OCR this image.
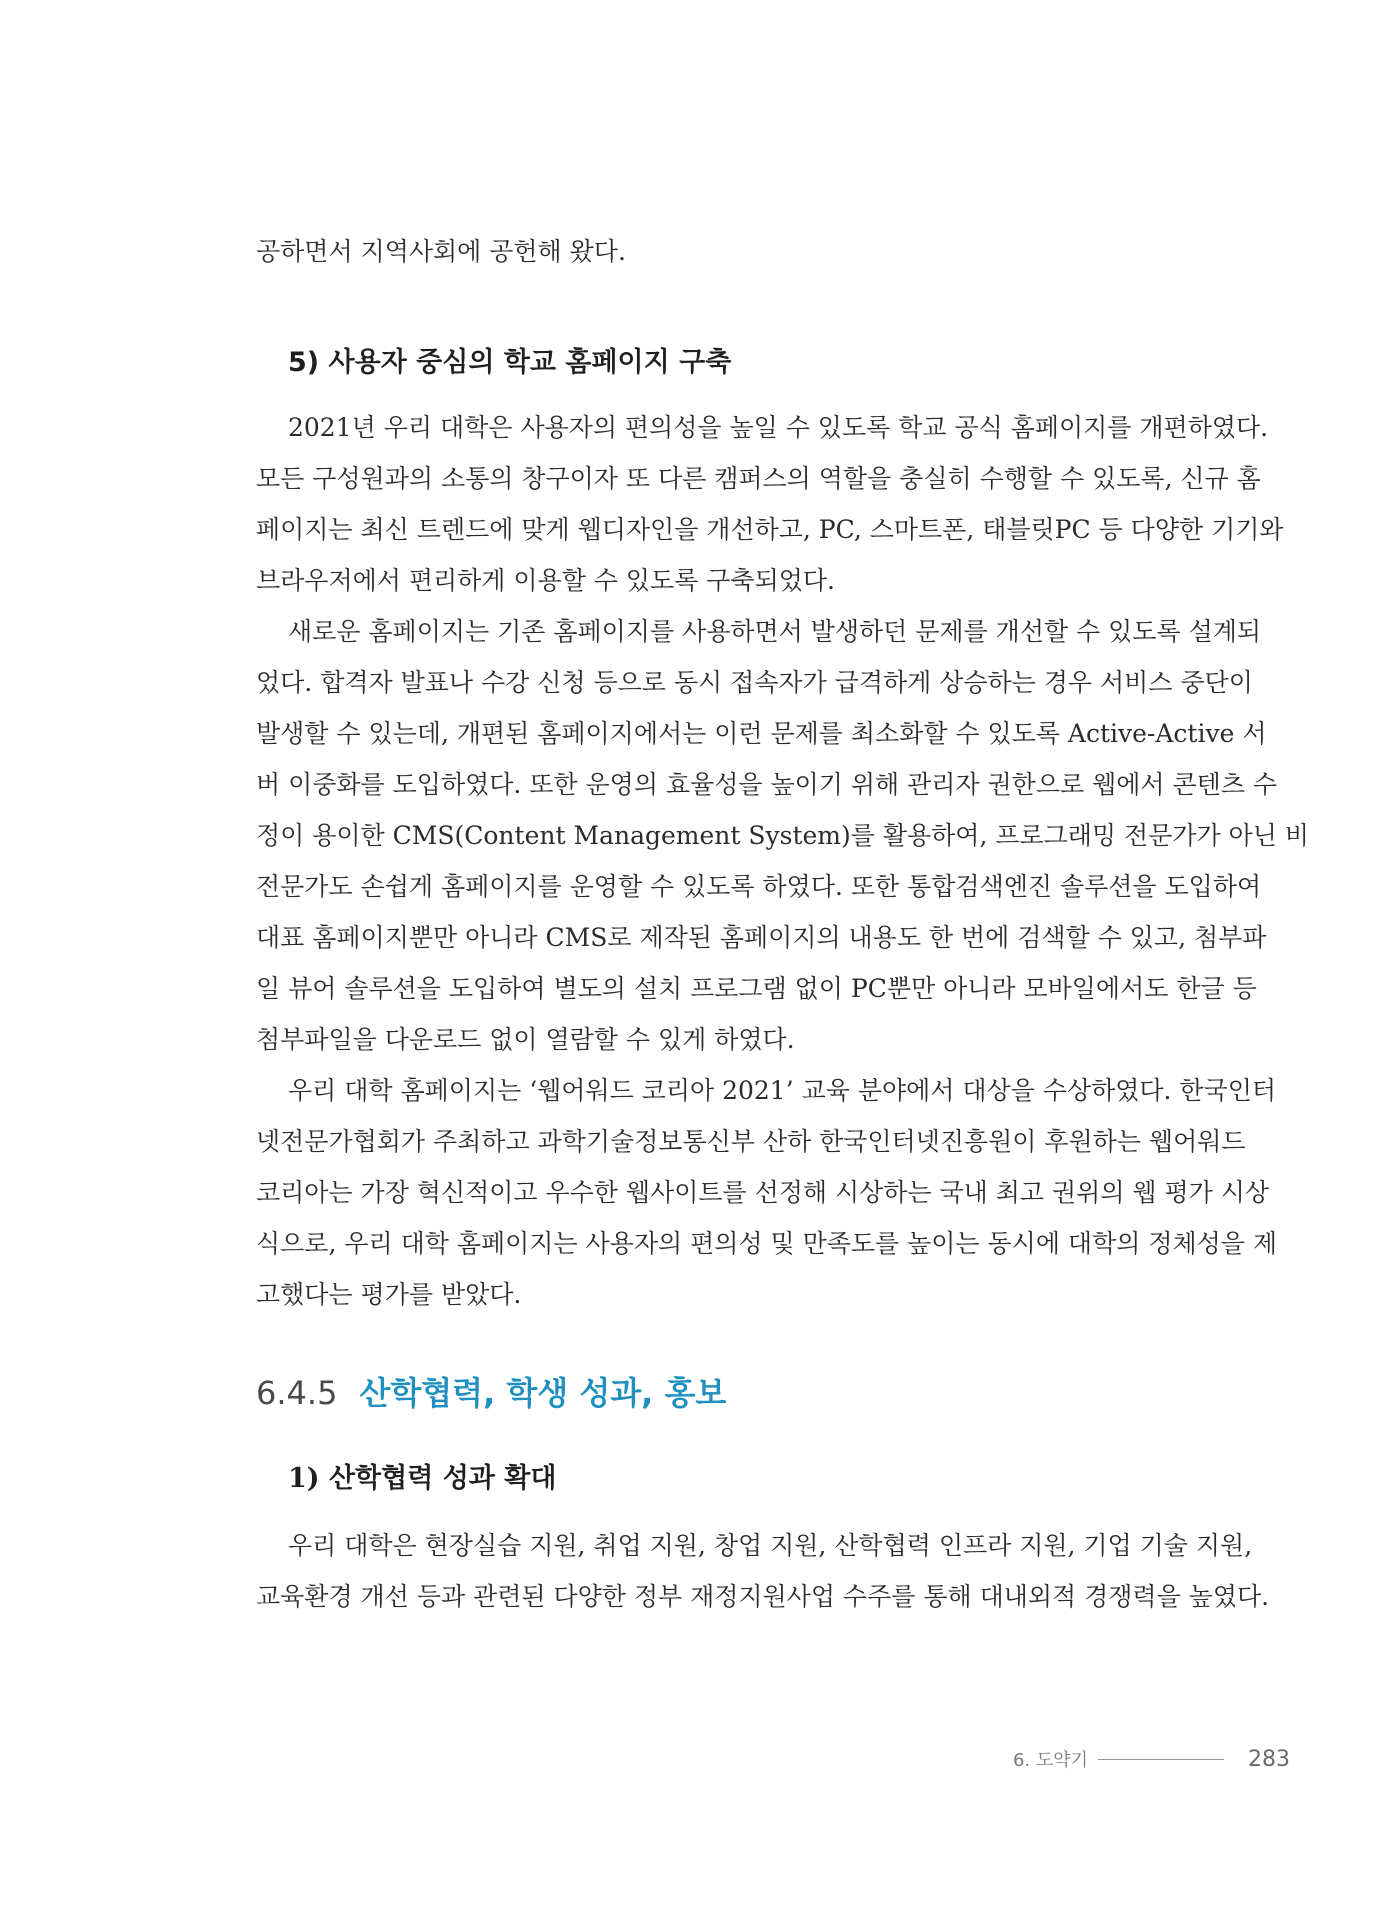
공하면서 지역사회에 공헌해 왔다.
5) 사용자 중심의 학교 홈페이지 구축
2021년 우리 대학은 사용자의 편의성을 높일 수 있도록 학교 공식 홈페이지를 개편하였다.
모든 구성원과의 소통의 창구이자 또 다른 캠퍼스의 역할을 충실히 수행할 수 있도록, 신규 홈
페이지는 최신 트렌드에 맞게 웹디자인을 개선하고, PC, 스마트폰, 태블릿PC 등 다양한 기기와
브라우저에서 편리하게 이용할 수 있도록 구축되었다.
새로운 홈페이지는 기존 홈페이지를 사용하면서 발생하던 문제를 개선할 수 있도록 설계되
었다. 합격자 발표나 수강 신청 등으로 동시 접속자가 급격하게 상승하는 경우 서비스 중단이
발생할 수 있는데, 개편된 홈페이지에서는 이런 문제를 최소화할 수 있도록 Active-Active 서
버 이중화를 도입하였다. 또한 운영의 효율성을 높이기 위해 관리자 권한으로 웹에서 콘텐츠 수
정이 용이한 CMS(Content Management System)를 활용하여, 프로그래밍 전문가가 아닌 비
전문가도 손쉽게 홈페이지를 운영할 수 있도록 하였다. 또한 통합검색엔진 솔루션을 도입하여
대표 홈페이지뿐만 아니라 CMS로 제작된 홈페이지의 내용도 한 번에 검색할 수 있고, 첨부파
일 뷰어 솔루션을 도입하여 별도의 설치 프로그램 없이 PC뿐만 아니라 모바일에서도 한글 등
첨부파일을 다운로드 없이 열람할 수 있게 하였다.
우리 대학 홈페이지는 ‘웹어워드 코리아 2021’ 교육 분야에서 대상을 수상하였다. 한국인터
넷전문가협회가 주최하고 과학기술정보통신부 산하 한국인터넷진흥원이 후원하는 웹어워드
코리아는 가장 혁신적이고 우수한 웹사이트를 선정해 시상하는 국내 최고 권위의 웹 평가 시상
식으로, 우리 대학 홈페이지는 사용자의 편의성 및 만족도를 높이는 동시에 대학의 정체성을 제
고했다는 평가를 받았다.
6.4.5 산학협력, 학생 성과, 홍보
1) 산학협력 성과 확대
우리 대학은 현장실습 지원, 취업 지원, 창업 지원, 산학협력 인프라 지원, 기업 기술 지원,
교육환경 개선 등과 관련된 다양한 정부 재정지원사업 수주를 통해 대내외적 경쟁력을 높였다.
6. 도약기	283
